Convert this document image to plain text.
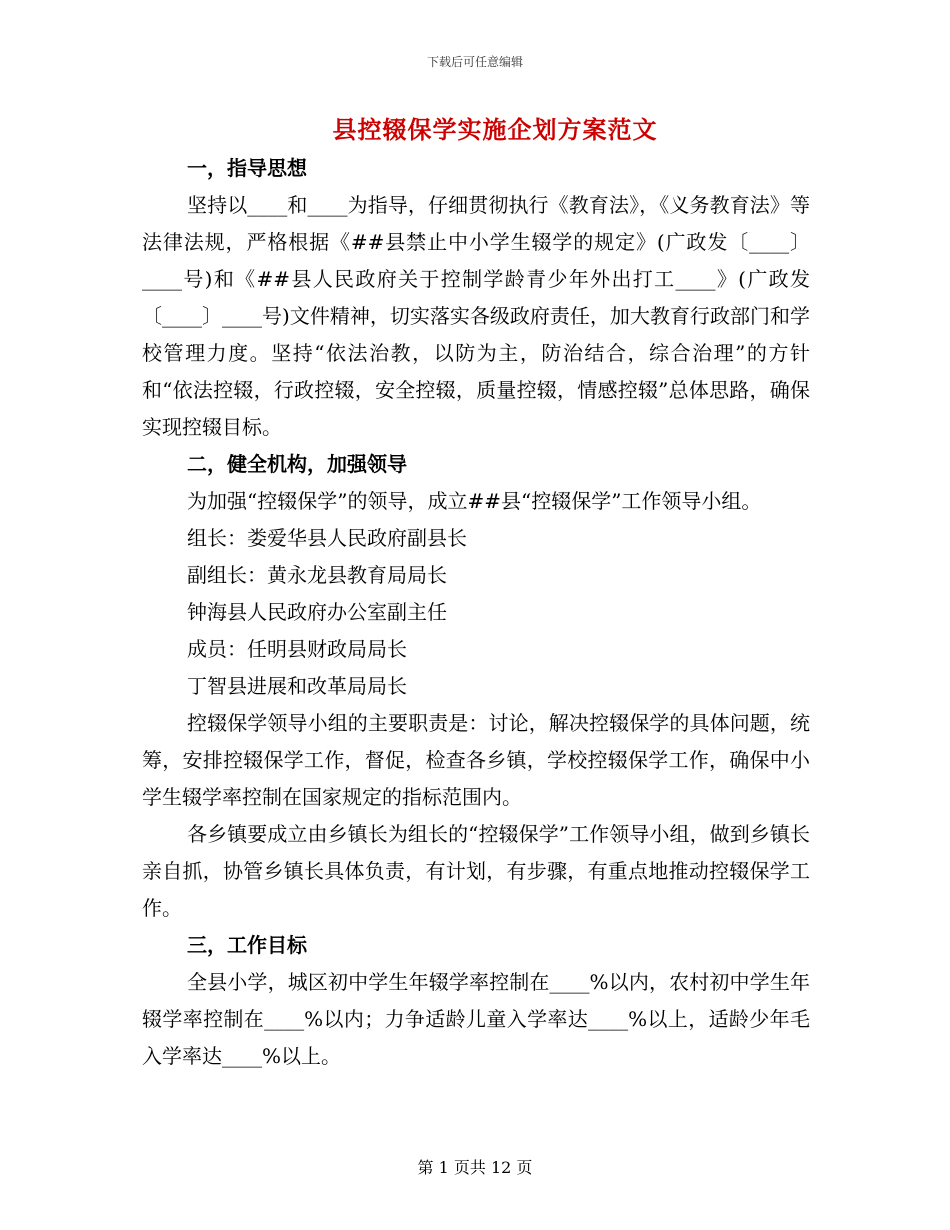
下载后可任意编辑
县控辍保学实施企划方案范文

一，指导思想

坚持以____和____为指导，仔细贯彻执行《教育法》，《义务教育法》等法律法规，严格根据《##县禁止中小学生辍学的规定》(广政发〔____〕____号)和《##县人民政府关于控制学龄青少年外出打工____》(广政发〔____〕____号)文件精神，切实落实各级政府责任，加大教育行政部门和学校管理力度。坚持“依法治教，以防为主，防治结合，综合治理”的方针和“依法控辍，行政控辍，安全控辍，质量控辍，情感控辍”总体思路，确保实现控辍目标。

二，健全机构，加强领导

为加强“控辍保学”的领导，成立##县“控辍保学”工作领导小组。

组长：娄爱华县人民政府副县长

副组长：黄永龙县教育局局长

钟海县人民政府办公室副主任

成员：任明县财政局局长

丁智县进展和改革局局长

控辍保学领导小组的主要职责是：讨论，解决控辍保学的具体问题，统筹，安排控辍保学工作，督促，检查各乡镇，学校控辍保学工作，确保中小学生辍学率控制在国家规定的指标范围内。

各乡镇要成立由乡镇长为组长的“控辍保学”工作领导小组，做到乡镇长亲自抓，协管乡镇长具体负责，有计划，有步骤，有重点地推动控辍保学工作。

三，工作目标

全县小学，城区初中学生年辍学率控制在____%以内，农村初中学生年辍学率控制在____%以内；力争适龄儿童入学率达____%以上，适龄少年毛入学率达____%以上。

第 1 页共 12 页
